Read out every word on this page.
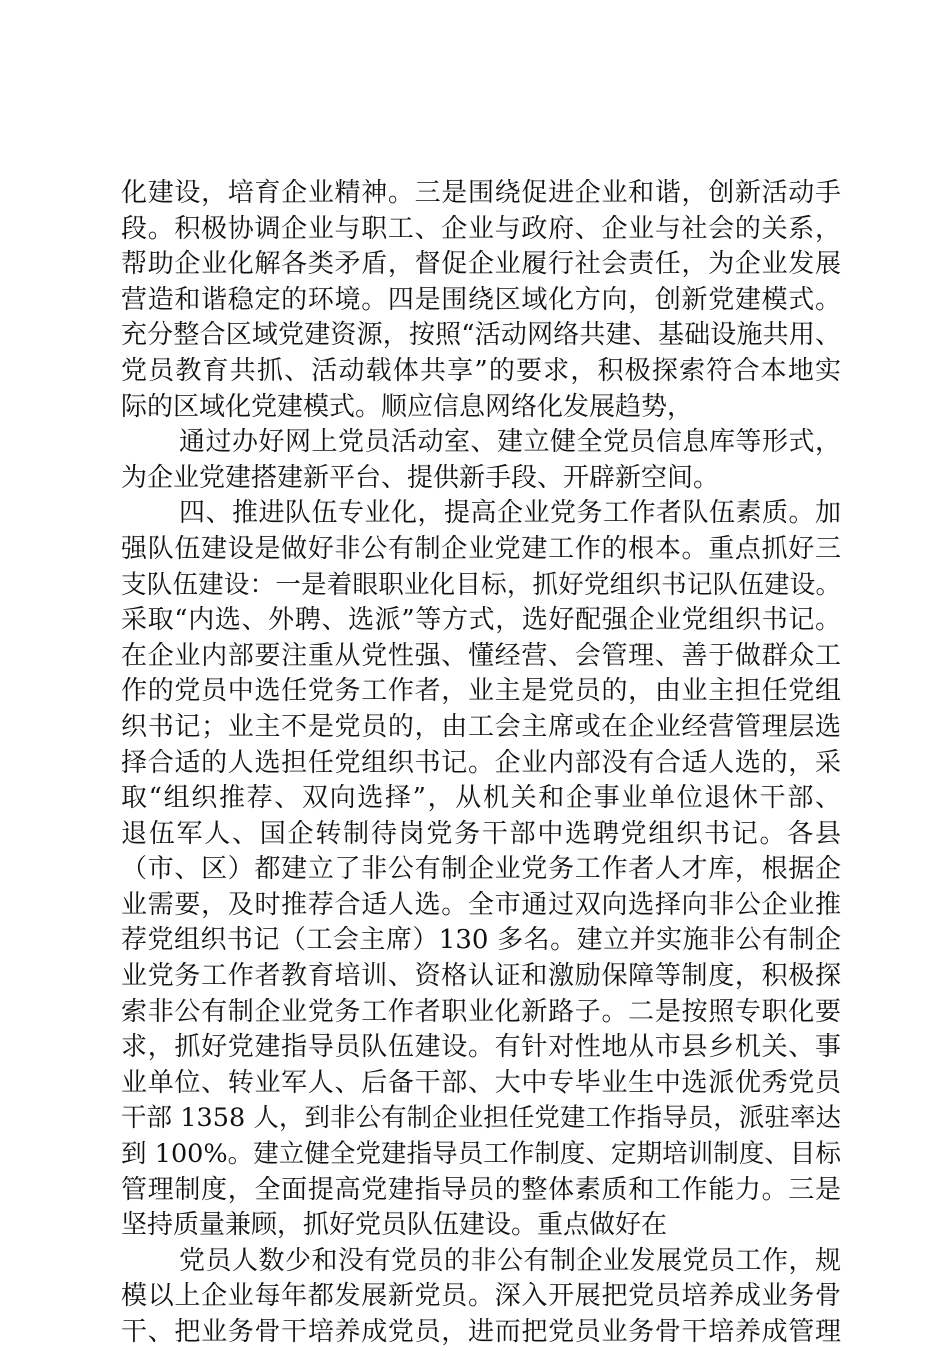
化建设，培育企业精神。三是围绕促进企业和谐，创新活动手
段。积极协调企业与职工、企业与政府、企业与社会的关系，
帮助企业化解各类矛盾，督促企业履行社会责任，为企业发展
营造和谐稳定的环境。四是围绕区域化方向，创新党建模式。
充分整合区域党建资源，按照“活动网络共建、基础设施共用、
党员教育共抓、活动载体共享”的要求，积极探索符合本地实
际的区域化党建模式。顺应信息网络化发展趋势，
通过办好网上党员活动室、建立健全党员信息库等形式，
为企业党建搭建新平台、提供新手段、开辟新空间。
四、推进队伍专业化，提高企业党务工作者队伍素质。加
强队伍建设是做好非公有制企业党建工作的根本。重点抓好三
支队伍建设：一是着眼职业化目标，抓好党组织书记队伍建设。
采取“内选、外聘、选派”等方式，选好配强企业党组织书记。
在企业内部要注重从党性强、懂经营、会管理、善于做群众工
作的党员中选任党务工作者，业主是党员的，由业主担任党组
织书记；业主不是党员的，由工会主席或在企业经营管理层选
择合适的人选担任党组织书记。企业内部没有合适人选的，采
取“组织推荐、双向选择”，从机关和企事业单位退休干部、
退伍军人、国企转制待岗党务干部中选聘党组织书记。各县
（市、区）都建立了非公有制企业党务工作者人才库，根据企
业需要，及时推荐合适人选。全市通过双向选择向非公企业推
荐党组织书记（工会主席）130 多名。建立并实施非公有制企
业党务工作者教育培训、资格认证和激励保障等制度，积极探
索非公有制企业党务工作者职业化新路子。二是按照专职化要
求，抓好党建指导员队伍建设。有针对性地从市县乡机关、事
业单位、转业军人、后备干部、大中专毕业生中选派优秀党员
干部 1358 人，到非公有制企业担任党建工作指导员，派驻率达
到 100%。建立健全党建指导员工作制度、定期培训制度、目标
管理制度，全面提高党建指导员的整体素质和工作能力。三是
坚持质量兼顾，抓好党员队伍建设。重点做好在
党员人数少和没有党员的非公有制企业发展党员工作，规
模以上企业每年都发展新党员。深入开展把党员培养成业务骨
干、把业务骨干培养成党员，进而把党员业务骨干培养成管理
